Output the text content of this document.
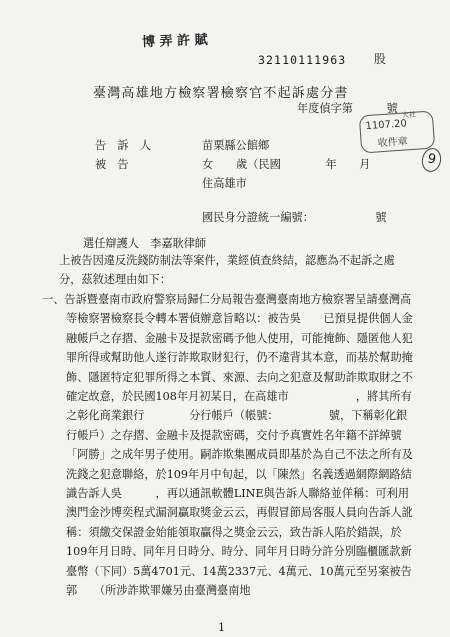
博 弄 許 賦
32110111963 股
臺灣高雄地方檢察署檢察官不起訴處分書
年度偵字第　　　號
大社
1107.20
收件章
9
告　訴　人	苗栗縣公館鄉
被　告	女 歲（民國　　　　年　　月
住高雄市
國民身分證統一編號：　　　　　　號
選任辯護人　李嘉耿律師
上被告因違反洗錢防制法等案件，業經偵查終結，認應為不起訴之處分，茲敘述理由如下：
一、告訴暨臺南市政府警察局歸仁分局報告臺灣臺南地方檢察署呈請臺灣高等檢察署檢察長令轉本署偵辦意旨略以：被告吳　　已預見提供個人金融帳戶之存摺、金融卡及提款密碼予他人使用，可能掩飾、隱匿他人犯罪所得或幫助他人遂行詐欺取財犯行，仍不違背其本意，而基於幫助掩飾、隱匿特定犯罪所得之本質、來源、去向之犯意及幫助詐欺取財之不確定故意，於民國108年月初某日，在高雄市　　　　　　，將其所有之彰化商業銀行　　　　分行帳戶（帳號：　　　　　號，下稱彰化銀行帳戶）之存摺、金融卡及提款密碼，交付予真實姓名年籍不詳綽號「阿勝」之成年男子使用。嗣詐欺集團成員即基於為自己不法之所有及洗錢之犯意聯絡，於109年月中旬起，以「陳然」名義透過網際網路結識告訴人吳　　　，再以通訊軟體LINE與告訴人聯絡並佯稱：可利用澳門金沙博奕程式漏洞贏取獎金云云，再假冒節局客服人員向告訴人訛稱：須繳交保證金始能領取贏得之獎金云云，致告訴人陷於錯誤，於109年月日時、同年月日時分、時分、同年月日時分許分別臨櫃匯款新臺幣（下同）5萬4701元、14萬2337元、4萬元、10萬元至另案被告郭　　（所涉詐欺罪嫌另由臺灣臺南地
1
